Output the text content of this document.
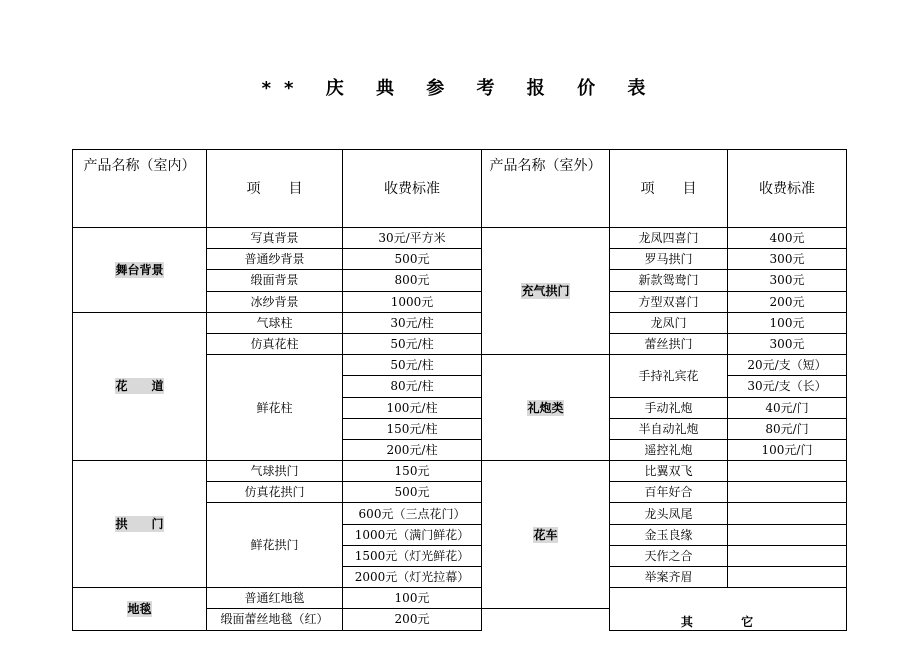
** 庆 典 参 考 报 价 表
产品名称（室内）	项　　目	收费标准	产品名称（室外）	项　　目	收费标准
舞台背景	写真背景	30元/平方米	充气拱门	龙凤四喜门	400元
	普通纱背景	500元		罗马拱门	300元
	缎面背景	800元		新款鸳鸯门	300元
	冰纱背景	1000元		方型双喜门	200元
花　　道	气球柱	30元/柱		龙凤门	100元
	仿真花柱	50元/柱		蕾丝拱门	300元
	鲜花柱	50元/柱	礼炮类	手持礼宾花	20元/支（短）
		80元/柱			30元/支（长）
		100元/柱		手动礼炮	40元/门
		150元/柱		半自动礼炮	80元/门
		200元/柱		遥控礼炮	100元/门
拱　　门	气球拱门	150元	花车	比翼双飞	
	仿真花拱门	500元		百年好合	
	鲜花拱门	600元（三点花门）		龙头凤尾	
		1000元（满门鲜花）		金玉良缘	
		1500元（灯光鲜花）		天作之合	
		2000元（灯光拉幕）		举案齐眉	
地毯	普通红地毯	100元		其 它	
	缎面蕾丝地毯（红）	200元			
